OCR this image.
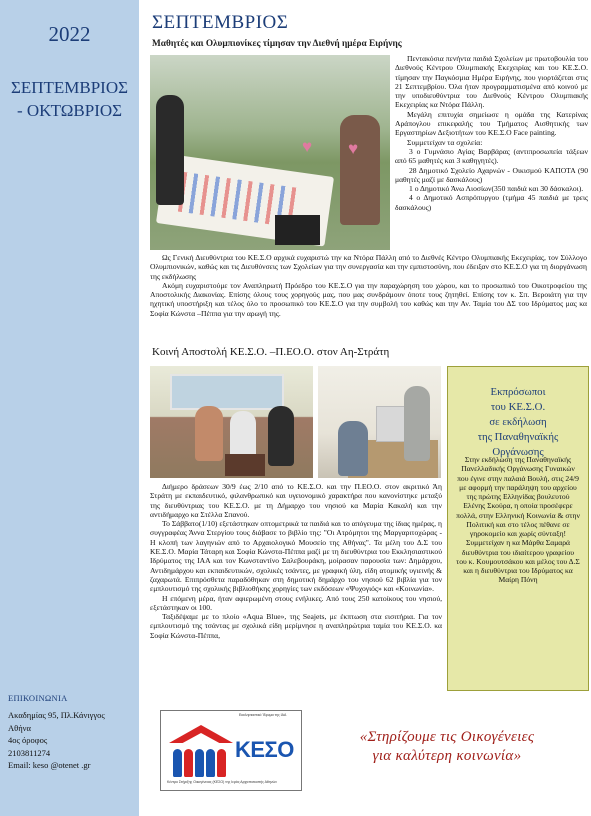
2022
ΣΕΠΤΕΜΒΡΙΟΣ
- ΟΚΤΩΒΡΙΟΣ
ΕΠΙΚΟΙΝΩΝΙΑ
Ακαδημίας 95, Πλ.Κάνιγγος
Αθήνα
4ος όροφος
2103811274
Email: keso @otenet .gr
ΣΕΠΤΕΜΒΡΙΟΣ
Μαθητές και Ολυμπιονίκες τίμησαν την Διεθνή ημέρα Ειρήνης
♥ ♥

Πεντακόσια πενήντα παιδιά Σχολείων με πρωτοβουλία του Διεθνούς Κέντρου Ολυμπιακής Εκεχειρίας και του ΚΕ.Σ.Ο. τίμησαν την Παγκόσμια Ημέρα Ειρήνης, που γιορτάζεται στις 21 Σεπτεμβρίου. Όλα ήταν προγραμματισμένα από κοινού με την υποδιευθύντρια του Διεθνούς Κέντρου Ολυμπιακής Εκεχειρίας κα Ντόρα Πάλλη.

Μεγάλη επιτυχία σημείωσε η ομάδα της Κατερίνας Αράπογλου επικεφαλής του Τμήματος Αισθητικής των Εργαστηρίων Δεξιοτήτων του ΚΕ.Σ.Ο Face painting.

Συμμετείχαν τα σχολεία:

3 ο Γυμνάσιο Αγίας Βαρβάρας (αντιπροσωπεία τάξεων από 65 μαθητές και 3 καθηγητές).

28 Δημοτικό Σχολείο Αχαρνών - Οικισμού ΚΑΠΟΤΑ (90 μαθητές μαζί με δασκάλους)

1 ο Δημοτικό Άνω Λιοσίων(350 παιδιά και 30 δάσκαλοι).

4 ο Δημοτικό Ασπρόπυργου (τμήμα 45 παιδιά με τρεις δασκάλους)

Ως Γενική Διευθύντρια του ΚΕ.Σ.Ο αρχικά ευχαριστώ την κα Ντόρα Πάλλη από το Διεθνές Κέντρο Ολυμπιακής Εκεχειρίας, τον Σύλλογο Ολυμπιονικών, καθώς και τις Διευθύνσεις των Σχολείων για την συνεργασία και την εμπιστοσύνη, που έδειξαν στο ΚΕ.Σ.Ο για τη διοργάνωση της εκδήλωσης

Ακόμη ευχαριστούμε τον Αναπληρωτή Πρόεδρο του ΚΕ.Σ.Ο για την παραχώρηση του χώρου, και το προσωπικό του Οικοτροφείου της Αποστολικής Διακονίας. Επίσης όλους τους χορηγούς μας, που μας συνδράμουν όποτε τους ζητηθεί. Επίσης τον κ. Σπ. Βεροιάτη για την ηχητική υποστήριξη και τέλος όλο το προσωπικό του ΚΕ.Σ.Ο για την συμβολή του καθώς και την Αν. Ταμία του ΔΣ του Ιδρύματος μας κα Σοφία Κώνστα –Πέππα για την αρωγή της.

Κοινή Αποστολή ΚΕ.Σ.Ο. –Π.ΕΟ.Ο. στον Αη-Στράτη

Διήμερο δράσεων 30/9 έως 2/10 από το ΚΕ.Σ.Ο. και την Π.ΕΟ.Ο. στον ακριτικό Άη Στράτη με εκπαιδευτικό, φιλανθρωπικό και υγειονομικό χαρακτήρα που κανονίστηκε μεταξύ της διευθύντριας του ΚΕ.Σ.Ο. με τη Δήμαρχο του νησιού κα Μαρία Κακαλή και την αντιδήμαρχο κα Στέλλα Σπανού.

Το Σάββατο(1/10) εξετάστηκαν οπτομετρικά τα παιδιά και το απόγευμα της ίδιας ημέρας, η συγγραφέας Άννα Στεργίου τους διάβασε το βιβλίο της: "Οι Ατρόμητοι της Μαργαριτοχώρας - Η κλοπή των λαγηνιών από το Αρχαιολογικό Μουσείο της Αθήνας". Τα μέλη του Δ.Σ του ΚΕ.Σ.Ο. Μαρία Τάταρη και Σοφία Κώνστα-Πέππα μαζί με τη διευθύντρια του Εκκλησιαστικού Ιδρύματος της ΙΑΑ και τον Κωνσταντίνο Σαλεβουράκη, μοίρασαν παρουσία των: Δημάρχου, Αντιδημάρχου και εκπαιδευτικών, σχολικές τσάντες, με γραφική ύλη, είδη ατομικής υγιεινής & ζαχαρωτά. Επιπρόσθετα παραδόθηκαν στη δημοτική δημάρχο του νησιού 62 βιβλία για τον εμπλουτισμό της σχολικής βιβλιοθήκης χορηγίες των εκδόσεων «Ψυχογιός» και «Κοινωνία».

Η επόμενη μέρα, ήταν αφιερωμένη στους ενήλικες. Από τους 250 κατοίκους του νησιού, εξετάστηκαν οι 100.

Ταξιδέψαμε με το πλοίο «Aqua Blue», της Seajets, με έκπτωση στα εισιτήρια. Για τον εμπλουτισμό της τσάντας με σχολικά είδη μερίμνησε η αναπληρώτρια ταμία του ΚΕ.Σ.Ο. κα Σοφία Κώνστα-Πέππα,

Εκπρόσωποι
του ΚΕ.Σ.Ο.
σε εκδήλωση
της Παναθηναϊκής
Οργάνωσης
Στην εκδήλωση της Παναθηναϊκής Πανελλαδικής Οργάνωσης Γυναικών που έγινε στην παλαιά Βουλή, στις 24/9 με αφορμή την παράληψη του αρχείου της πρώτης Ελληνίδας βουλευτού Ελένης Σκούρα, η οποία προσέφερε πολλά, στην Ελληνική Κοινωνία & στην Πολιτική και στο τέλος πέθανε σε γηροκομείο και χωρίς σύνταξη! Συμμετείχαν η κα Μάρθα Σαμαρά διευθύντρια του ιδιαίτερου γραφείου του κ. Κουμουτσάκου και μέλος του Δ.Σ και η διευθύντρια του Ιδρύματος κα Μαίρη Πόνη
Εκκλησιαστικό Ίδρυμα της ΙΑΑ
ΚΕΣΟ
Κέντρο Στήριξης Οικογένειας (ΚΕΣΟ) της Ιεράς Αρχιεπισκοπής Αθηνών
«Στηρίζουμε τις Οικογένειες
για καλύτερη κοινωνία»
